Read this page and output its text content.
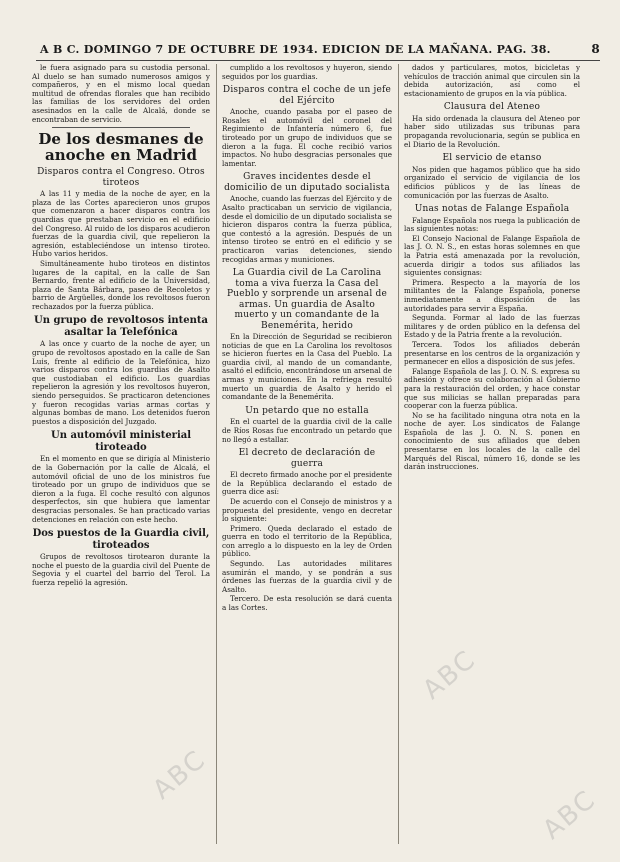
A B C. DOMINGO 7 DE OCTUBRE DE 1934. EDICION DE LA MAÑANA. PAG. 38.	8

le fuera asignado para su custodia personal. Al duelo se han sumado numerosos amigos y compañeros, y en el mismo local quedan multitud de ofrendas florales que han recibido las familias de los servidores del orden asesinados en la calle de Alcalá, donde se encontraban de servicio.

De los desmanes de anoche en Madrid
Disparos contra el Congreso. Otros tiroteos

A las 11 y media de la noche de ayer, en la plaza de las Cortes aparecieron unos grupos que comenzaron a hacer disparos contra los guardias que prestaban servicio en el edificio del Congreso. Al ruido de los disparos acudieron fuerzas de la guardia civil, que repelieron la agresión, estableciéndose un intenso tiroteo. Hubo varios heridos.

Simultáneamente hubo tiroteos en distintos lugares de la capital, en la calle de San Bernardo, frente al edificio de la Universidad, plaza de Santa Bárbara, paseo de Recoletos y barrio de Argüelles, donde los revoltosos fueron rechazados por la fuerza pública.

Un grupo de revoltosos intenta asaltar la Telefónica

A las once y cuarto de la noche de ayer, un grupo de revoltosos apostado en la calle de San Luis, frente al edificio de la Telefónica, hizo varios disparos contra los guardias de Asalto que custodiaban el edificio. Los guardias repelieron la agresión y los revoltosos huyeron, siendo perseguidos. Se practicaron detenciones y fueron recogidas varias armas cortas y algunas bombas de mano. Los detenidos fueron puestos a disposición del Juzgado.

Un automóvil ministerial tiroteado

En el momento en que se dirigía al Ministerio de la Gobernación por la calle de Alcalá, el automóvil oficial de uno de los ministros fue tiroteado por un grupo de individuos que se dieron a la fuga. El coche resultó con algunos desperfectos, sin que hubiera que lamentar desgracias personales. Se han practicado varias detenciones en relación con este hecho.

Dos puestos de la Guardia civil, tiroteados

Grupos de revoltosos tirotearon durante la noche el puesto de la guardia civil del Puente de Segovia y el cuartel del barrio del Terol. La fuerza repelió la agresión.

cumplido a los revoltosos y huyeron, siendo seguidos por los guardias.

Disparos contra el coche de un jefe del Ejército

Anoche, cuando pasaba por el paseo de Rosales el automóvil del coronel del Regimiento de Infantería número 6, fue tiroteado por un grupo de individuos que se dieron a la fuga. El coche recibió varios impactos. No hubo desgracias personales que lamentar.

Graves incidentes desde el domicilio de un diputado socialista

Anoche, cuando las fuerzas del Ejército y de Asalto practicaban un servicio de vigilancia, desde el domicilio de un diputado socialista se hicieron disparos contra la fuerza pública, que contestó a la agresión. Después de un intenso tiroteo se entró en el edificio y se practicaron varias detenciones, siendo recogidas armas y municiones.

La Guardia civil de La Carolina toma a viva fuerza la Casa del Pueblo y sorprende un arsenal de armas. Un guardia de Asalto muerto y un comandante de la Benemérita, herido

En la Dirección de Seguridad se recibieron noticias de que en La Carolina los revoltosos se hicieron fuertes en la Casa del Pueblo. La guardia civil, al mando de un comandante, asaltó el edificio, encontrándose un arsenal de armas y municiones. En la refriega resultó muerto un guardia de Asalto y herido el comandante de la Benemérita.

Un petardo que no estalla

En el cuartel de la guardia civil de la calle de Ríos Rosas fue encontrado un petardo que no llegó a estallar.

El decreto de declaración de guerra

El decreto firmado anoche por el presidente de la República declarando el estado de guerra dice así:

De acuerdo con el Consejo de ministros y a propuesta del presidente, vengo en decretar lo siguiente:

Primero. Queda declarado el estado de guerra en todo el territorio de la República, con arreglo a lo dispuesto en la ley de Orden público.

Segundo. Las autoridades militares asumirán el mando, y se pondrán a sus órdenes las fuerzas de la guardia civil y de Asalto.

Tercero. De esta resolución se dará cuenta a las Cortes.

dados y particulares, motos, bicicletas y vehículos de tracción animal que circulen sin la debida autorización, así como el estacionamiento de grupos en la vía pública.

Clausura del Ateneo

Ha sido ordenada la clausura del Ateneo por haber sido utilizadas sus tribunas para propaganda revolucionaria, según se publica en el Diario de la Revolución.

El servicio de etanso

Nos piden que hagamos público que ha sido organizado el servicio de vigilancia de los edificios públicos y de las líneas de comunicación por las fuerzas de Asalto.

Unas notas de Falange Española

Falange Española nos ruega la publicación de las siguientes notas:

El Consejo Nacional de Falange Española de las J. O. N. S., en estas horas solemnes en que la Patria está amenazada por la revolución, acuerda dirigir a todos sus afiliados las siguientes consignas:

Primera. Respecto a la mayoría de los militantes de la Falange Española, ponerse inmediatamente a disposición de las autoridades para servir a España.

Segunda. Formar al lado de las fuerzas militares y de orden público en la defensa del Estado y de la Patria frente a la revolución.

Tercera. Todos los afiliados deberán presentarse en los centros de la organización y permanecer en ellos a disposición de sus jefes.

Falange Española de las J. O. N. S. expresa su adhesión y ofrece su colaboración al Gobierno para la restauración del orden, y hace constar que sus milicias se hallan preparadas para cooperar con la fuerza pública.

No se ha facilitado ninguna otra nota en la noche de ayer. Los sindicatos de Falange Española de las J. O. N. S. ponen en conocimiento de sus afiliados que deben presentarse en los locales de la calle del Marqués del Riscal, número 16, donde se les darán instrucciones.

ABC
ABC
ABC
